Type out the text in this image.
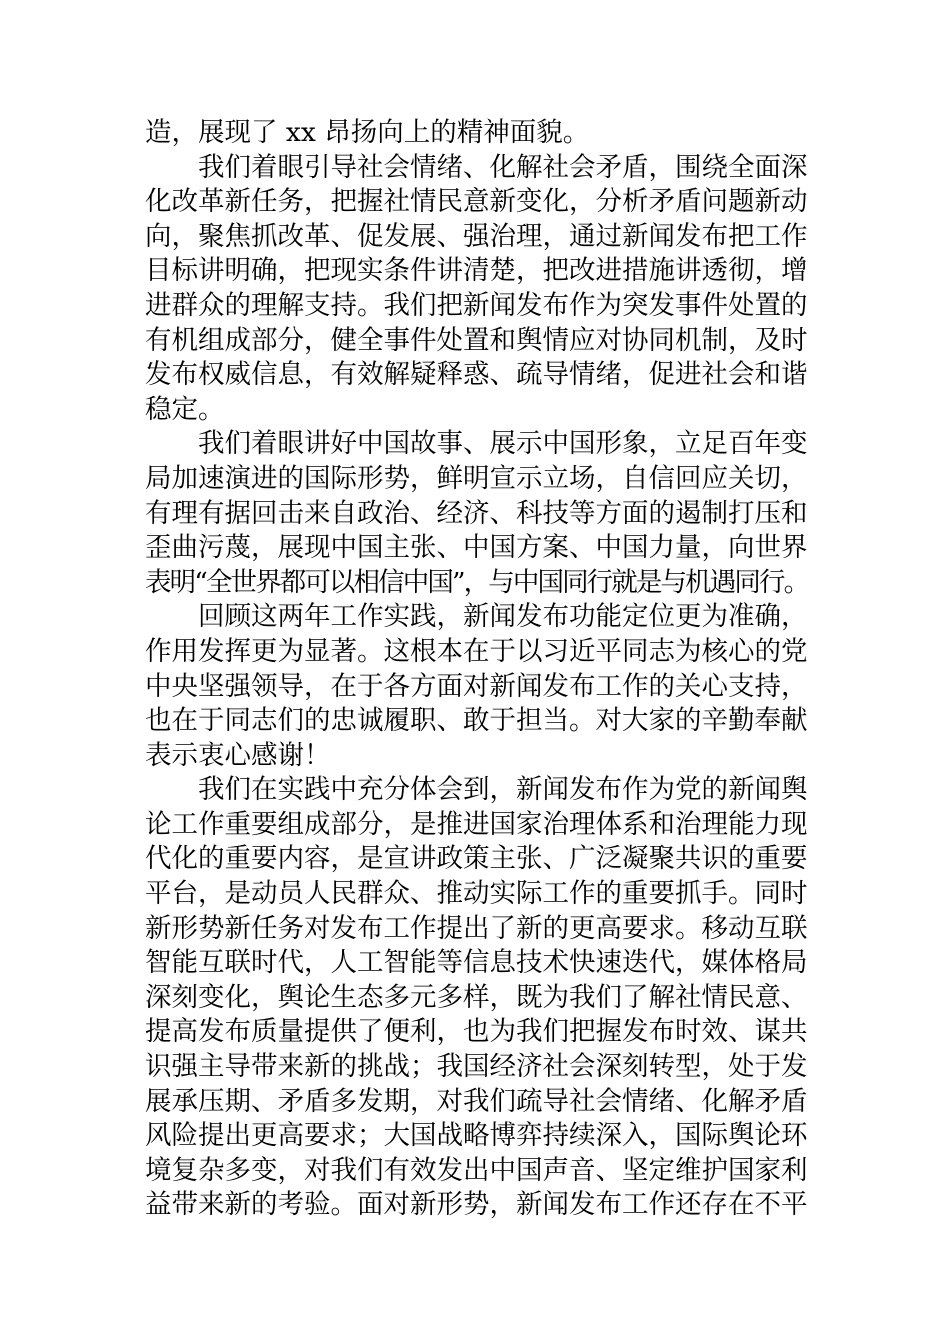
造，展现了 xx 昂扬向上的精神面貌。
我们着眼引导社会情绪、化解社会矛盾，围绕全面深
化改革新任务，把握社情民意新变化，分析矛盾问题新动
向，聚焦抓改革、促发展、强治理，通过新闻发布把工作
目标讲明确，把现实条件讲清楚，把改进措施讲透彻，增
进群众的理解支持。我们把新闻发布作为突发事件处置的
有机组成部分，健全事件处置和舆情应对协同机制，及时
发布权威信息，有效解疑释惑、疏导情绪，促进社会和谐
稳定。
我们着眼讲好中国故事、展示中国形象，立足百年变
局加速演进的国际形势，鲜明宣示立场，自信回应关切，
有理有据回击来自政治、经济、科技等方面的遏制打压和
歪曲污蔑，展现中国主张、中国方案、中国力量，向世界
表明“全世界都可以相信中国”，与中国同行就是与机遇同行。
回顾这两年工作实践，新闻发布功能定位更为准确，
作用发挥更为显著。这根本在于以习近平同志为核心的党
中央坚强领导，在于各方面对新闻发布工作的关心支持，
也在于同志们的忠诚履职、敢于担当。对大家的辛勤奉献
表示衷心感谢！
我们在实践中充分体会到，新闻发布作为党的新闻舆
论工作重要组成部分，是推进国家治理体系和治理能力现
代化的重要内容，是宣讲政策主张、广泛凝聚共识的重要
平台，是动员人民群众、推动实际工作的重要抓手。同时
新形势新任务对发布工作提出了新的更高要求。移动互联
智能互联时代，人工智能等信息技术快速迭代，媒体格局
深刻变化，舆论生态多元多样，既为我们了解社情民意、
提高发布质量提供了便利，也为我们把握发布时效、谋共
识强主导带来新的挑战；我国经济社会深刻转型，处于发
展承压期、矛盾多发期，对我们疏导社会情绪、化解矛盾
风险提出更高要求；大国战略博弈持续深入，国际舆论环
境复杂多变，对我们有效发出中国声音、坚定维护国家利
益带来新的考验。面对新形势，新闻发布工作还存在不平
